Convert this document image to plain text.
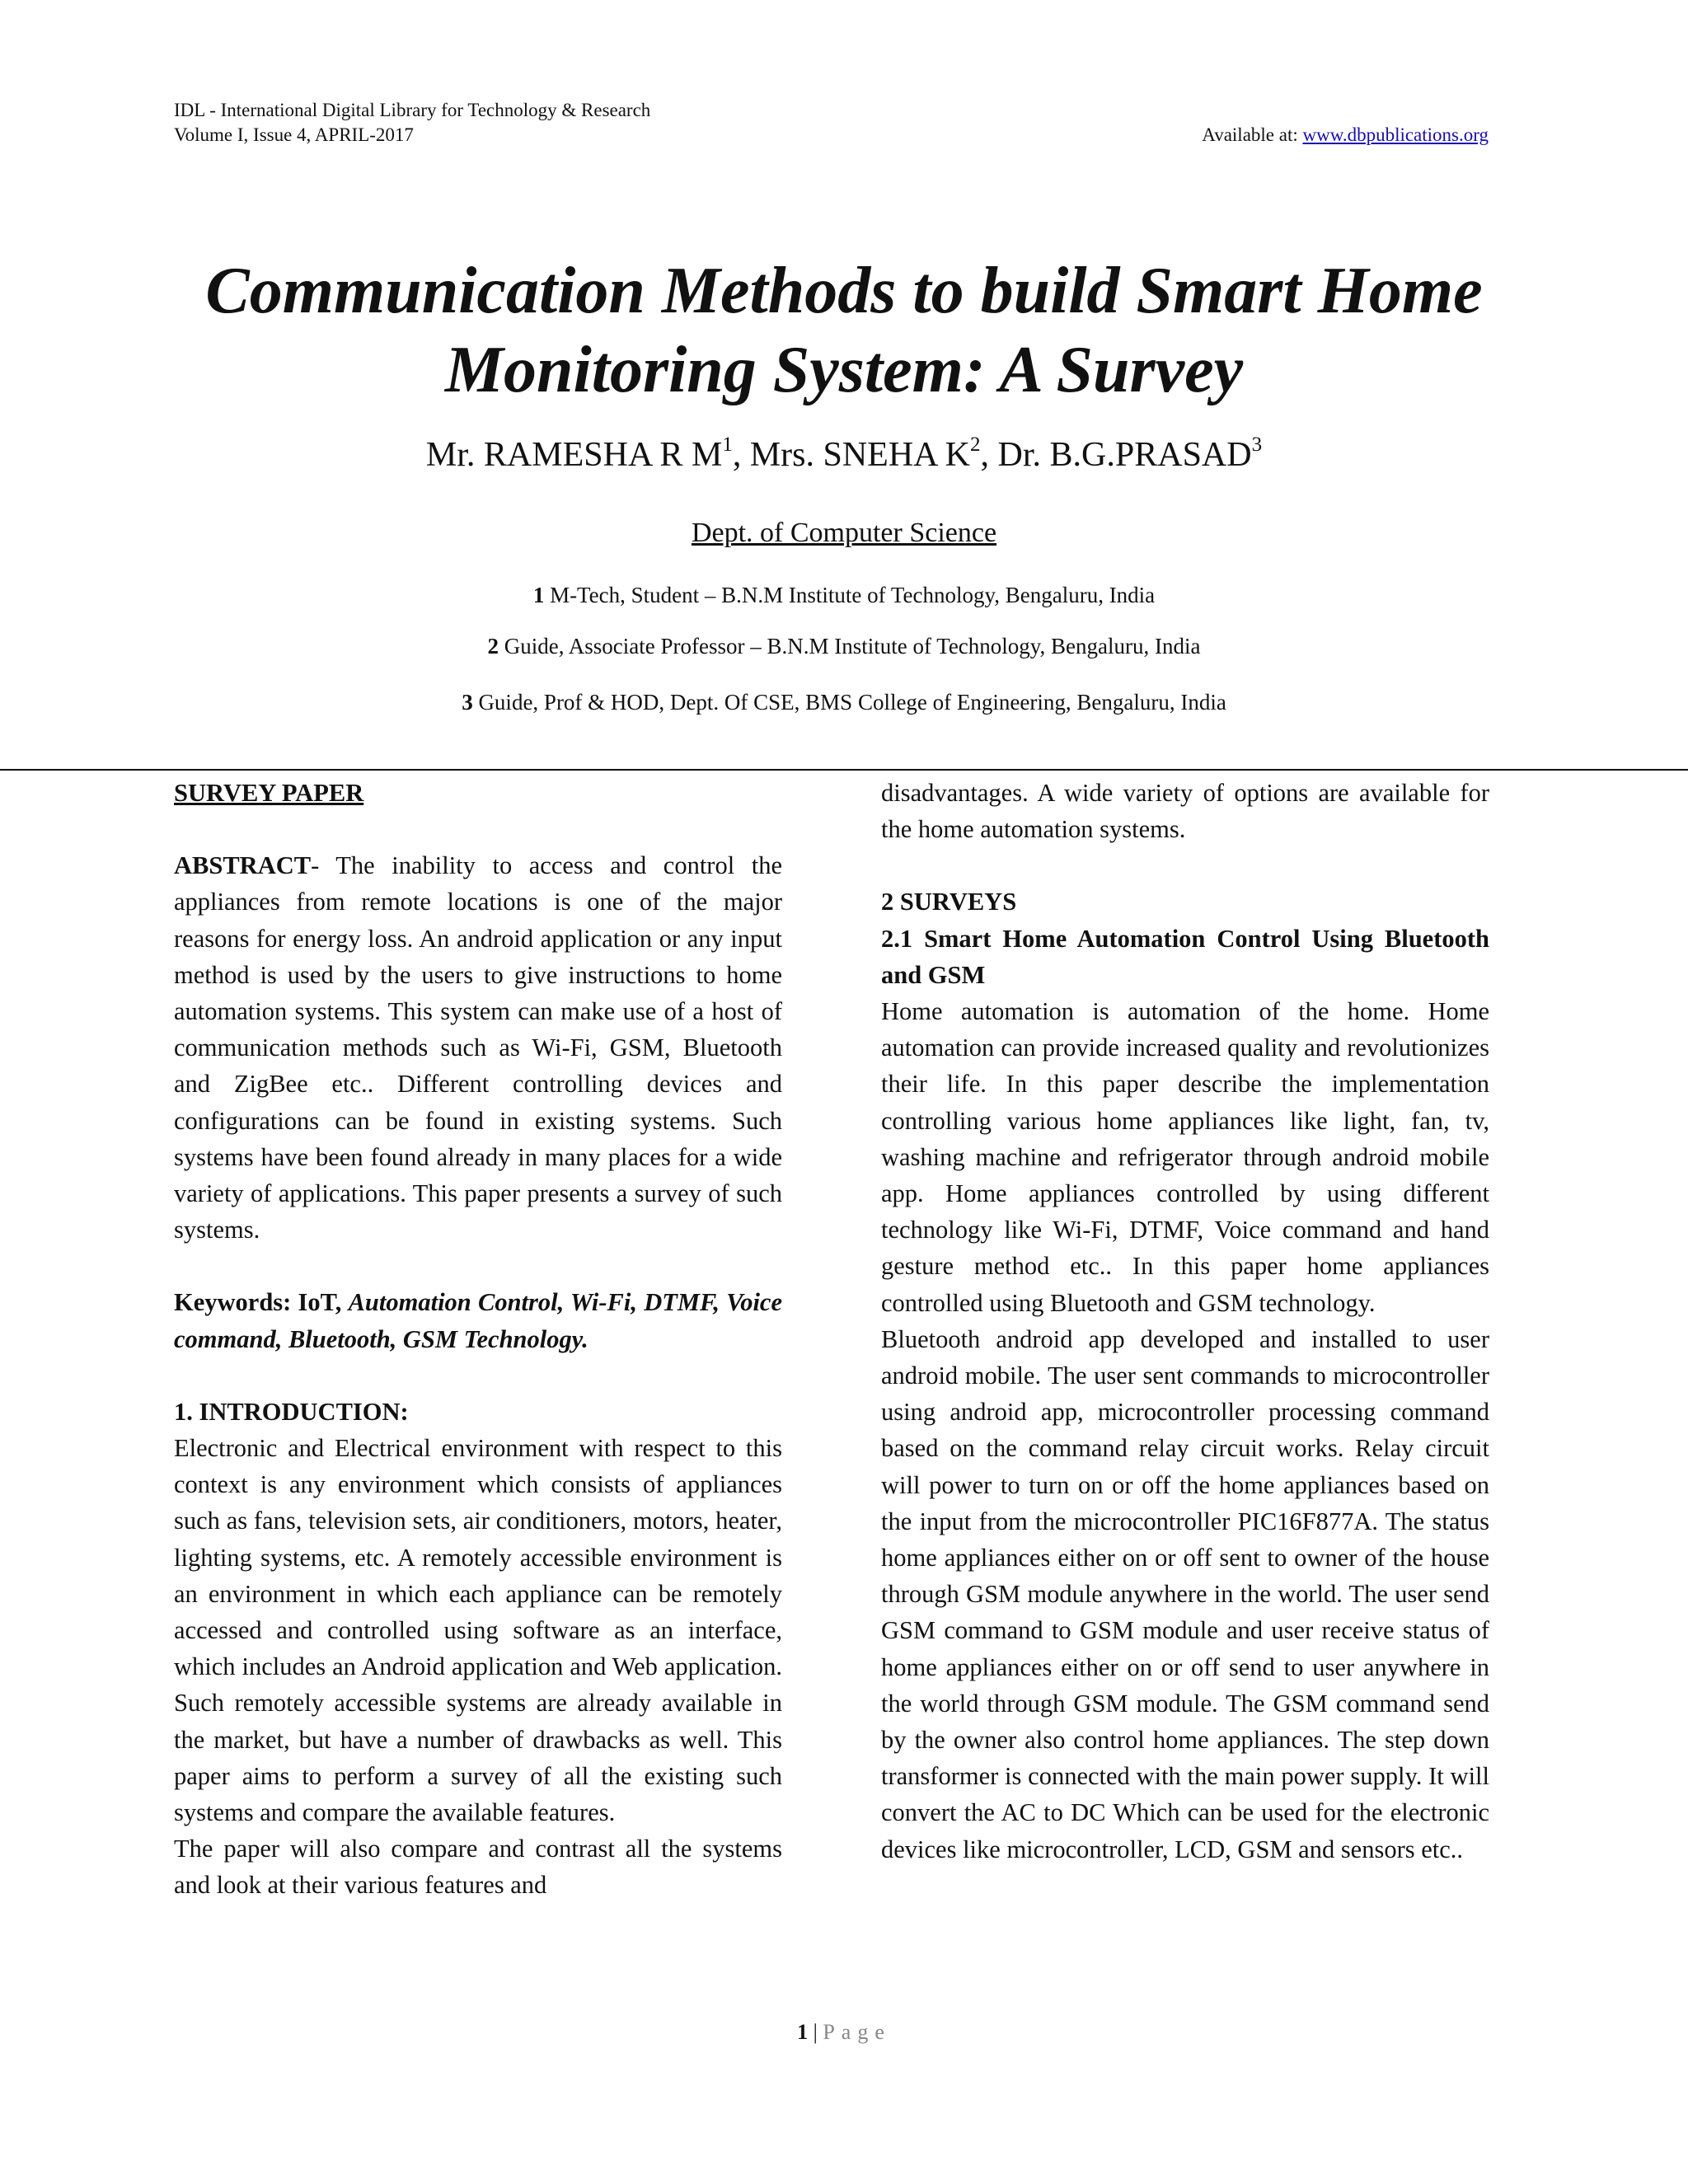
IDL - International Digital Library for Technology & Research
Volume I, Issue 4, APRIL-2017	Available at: www.dbpublications.org
Communication Methods to build Smart Home
Monitoring System: A Survey
Mr. RAMESHA R $M^1$, Mrs. SNEHA $K^2$, Dr. B.G.PRASAD$^3$
Dept. of Computer Science
1 M-Tech, Student – B.N.M Institute of Technology, Bengaluru, India
2 Guide, Associate Professor – B.N.M Institute of Technology, Bengaluru, India
3 Guide, Prof & HOD, Dept. Of CSE, BMS College of Engineering, Bengaluru, India

SURVEY PAPER

ABSTRACT- The inability to access and control the appliances from remote locations is one of the major reasons for energy loss. An android application or any input method is used by the users to give instructions to home automation systems. This system can make use of a host of communication methods such as Wi-Fi, GSM, Bluetooth and ZigBee etc.. Different controlling devices and configurations can be found in existing systems. Such systems have been found already in many places for a wide variety of applications. This paper presents a survey of such systems.

Keywords: IoT, Automation Control, Wi-Fi, DTMF, Voice command, Bluetooth, GSM Technology.

1. INTRODUCTION:

Electronic and Electrical environment with respect to this context is any environment which consists of appliances such as fans, television sets, air conditioners, motors, heater, lighting systems, etc. A remotely accessible environment is an environment in which each appliance can be remotely accessed and controlled using software as an interface, which includes an Android application and Web application. Such remotely accessible systems are already available in the market, but have a number of drawbacks as well. This paper aims to perform a survey of all the existing such systems and compare the available features.

The paper will also compare and contrast all the systems and look at their various features and

disadvantages. A wide variety of options are available for the home automation systems.

2 SURVEYS

2.1 Smart Home Automation Control Using Bluetooth and GSM

Home automation is automation of the home. Home automation can provide increased quality and revolutionizes their life. In this paper describe the implementation controlling various home appliances like light, fan, tv, washing machine and refrigerator through android mobile app. Home appliances controlled by using different technology like Wi-Fi, DTMF, Voice command and hand gesture method etc.. In this paper home appliances controlled using Bluetooth and GSM technology.

Bluetooth android app developed and installed to user android mobile. The user sent commands to microcontroller using android app, microcontroller processing command based on the command relay circuit works. Relay circuit will power to turn on or off the home appliances based on the input from the microcontroller PIC16F877A. The status home appliances either on or off sent to owner of the house through GSM module anywhere in the world. The user send GSM command to GSM module and user receive status of home appliances either on or off send to user anywhere in the world through GSM module. The GSM command send by the owner also control home appliances. The step down transformer is connected with the main power supply. It will convert the AC to DC Which can be used for the electronic devices like microcontroller, LCD, GSM and sensors etc..

1 | Page
